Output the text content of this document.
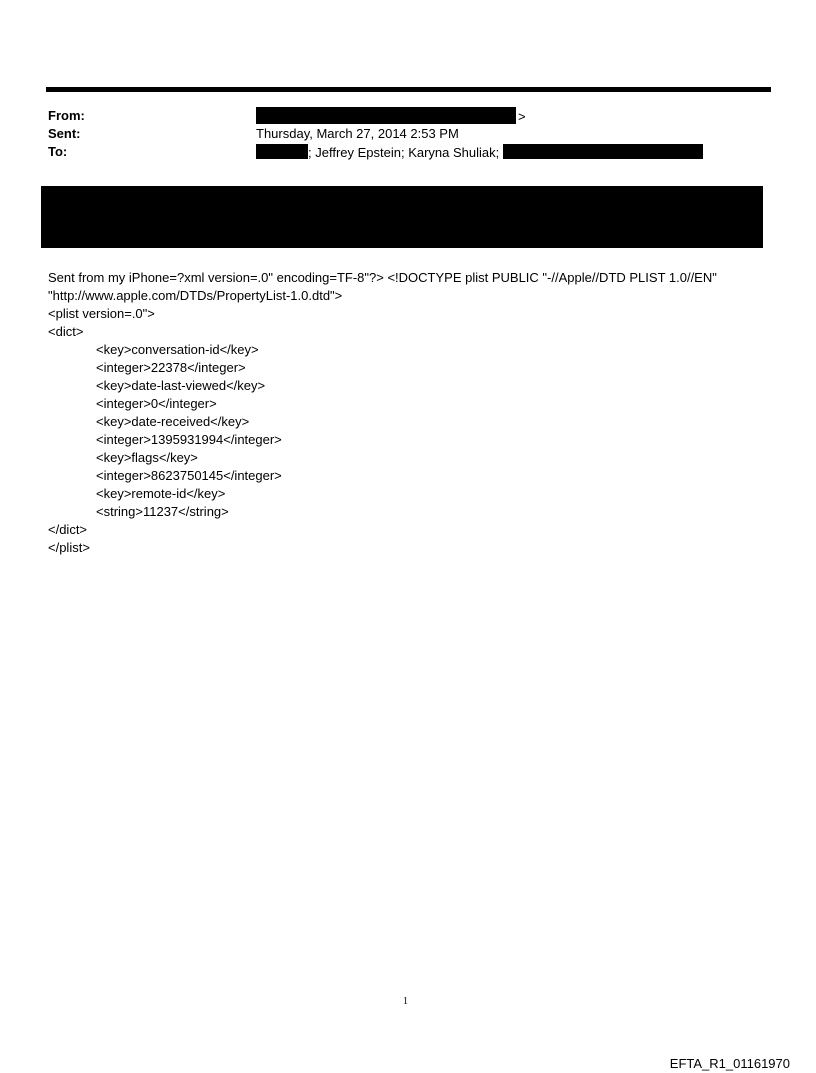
From:	>
Sent:	Thursday, March 27, 2014 2:53 PM
To:	; Jeffrey Epstein; Karyna Shuliak;
Sent from my iPhone=?xml version=.0" encoding=TF-8"?> <!DOCTYPE plist PUBLIC "-//Apple//DTD PLIST 1.0//EN"
"http://www.apple.com/DTDs/PropertyList-1.0.dtd">
<plist version=.0">
<dict>
<key>conversation-id</key>
<integer>22378</integer>
<key>date-last-viewed</key>
<integer>0</integer>
<key>date-received</key>
<integer>1395931994</integer>
<key>flags</key>
<integer>8623750145</integer>
<key>remote-id</key>
<string>11237</string>
</dict>
</plist>
1
EFTA_R1_01161970
